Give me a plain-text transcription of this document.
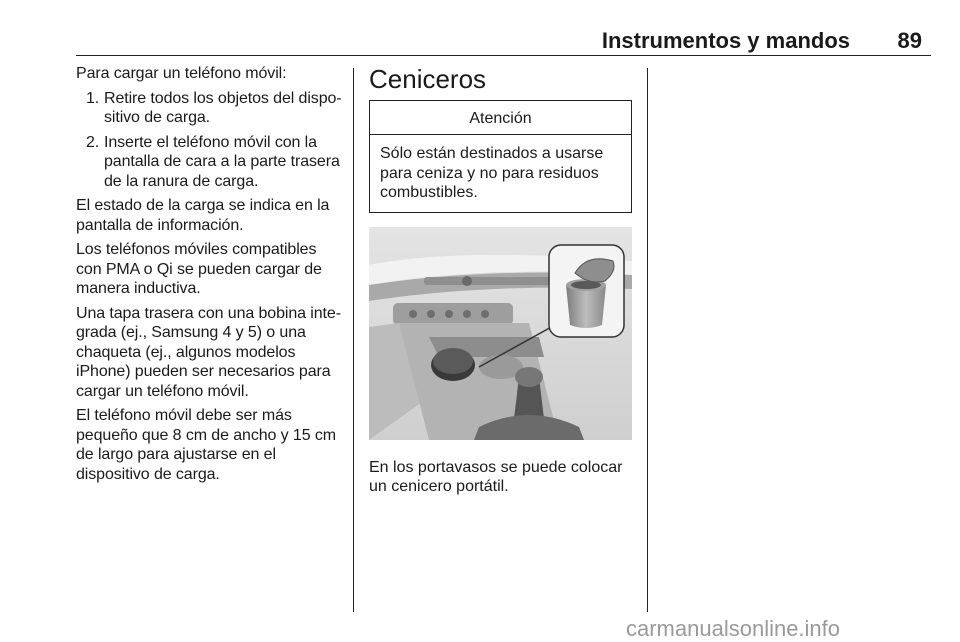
Instrumentos y mandos	89

Para cargar un teléfono móvil:

1. Retire todos los objetos del dispositivo de carga.
2. Inserte el teléfono móvil con la pantalla de cara a la parte trasera de la ranura de carga.

El estado de la carga se indica en la pantalla de información.

Los teléfonos móviles compatibles con PMA o Qi se pueden cargar de manera inductiva.

Una tapa trasera con una bobina integrada (ej., Samsung 4 y 5) o una chaqueta (ej., algunos modelos iPhone) pueden ser necesarios para cargar un teléfono móvil.

El teléfono móvil debe ser más pequeño que 8 cm de ancho y 15 cm de largo para ajustarse en el dispositivo de carga.

Ceniceros
Atención
Sólo están destinados a usarse para ceniza y no para residuos combustibles.
En los portavasos se puede colocar un cenicero portátil.
carmanualsonline.info
